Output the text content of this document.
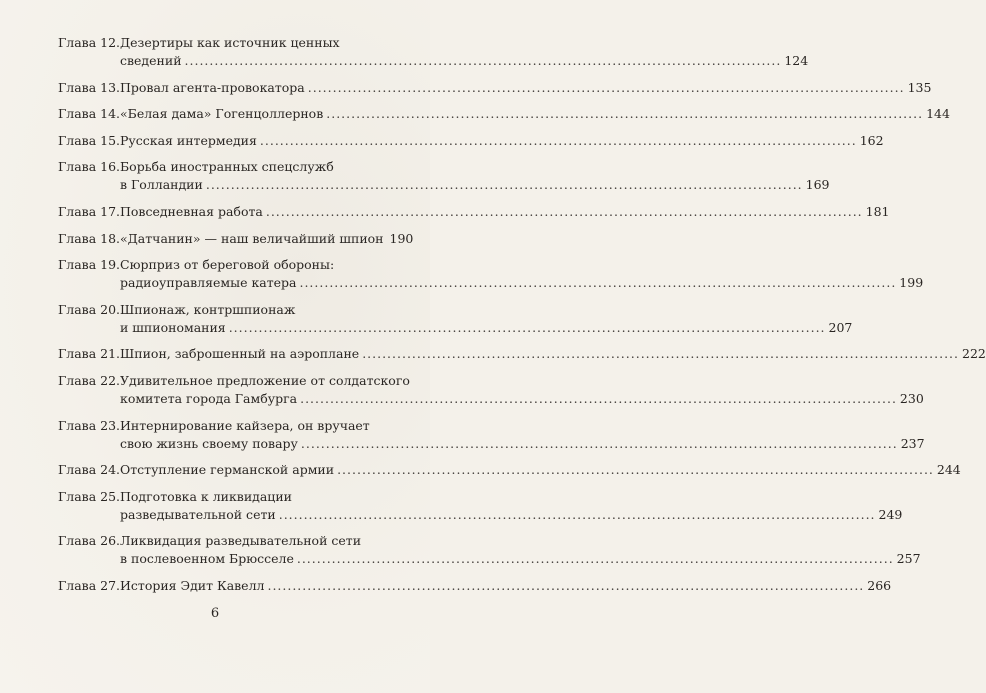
Глава 12. Дезертиры как источник ценных
сведений ........................................................................................................................ 124
Глава 13. Провал агента-провокатора ........................................................................................................................ 135
Глава 14. «Белая дама» Гогенцоллернов ........................................................................................................................ 144
Глава 15. Русская интермедия ........................................................................................................................ 162
Глава 16. Борьба иностранных спецслужб
в Голландии ........................................................................................................................ 169
Глава 17. Повседневная работа ........................................................................................................................ 181
Глава 18. «Датчанин» — наш величайший шпион 190
Глава 19. Сюрприз от береговой обороны:
радиоуправляемые катера ........................................................................................................................ 199
Глава 20. Шпионаж, контршпионаж
и шпиономания ........................................................................................................................ 207
Глава 21. Шпион, заброшенный на аэроплане ........................................................................................................................ 222
Глава 22. Удивительное предложение от солдатского
комитета города Гамбурга ........................................................................................................................ 230
Глава 23. Интернирование кайзера, он вручает
свою жизнь своему повару ........................................................................................................................ 237
Глава 24. Отступление германской армии ........................................................................................................................ 244
Глава 25. Подготовка к ликвидации
разведывательной сети ........................................................................................................................ 249
Глава 26. Ликвидация разведывательной сети
в послевоенном Брюсселе ........................................................................................................................ 257
Глава 27. История Эдит Кавелл ........................................................................................................................ 266
6
